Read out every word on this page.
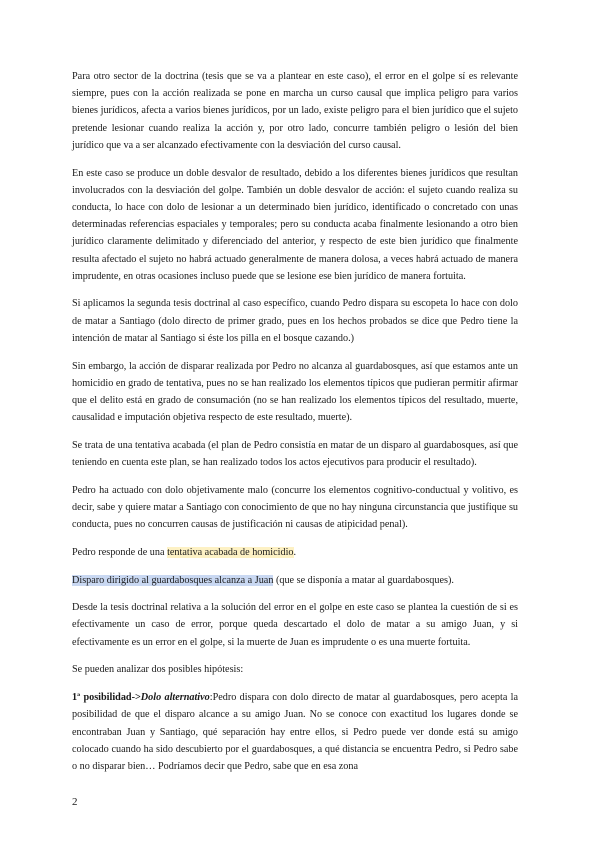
Para otro sector de la doctrina (tesis que se va a plantear en este caso), el error en el golpe sí es relevante siempre, pues con la acción realizada se pone en marcha un curso causal que implica peligro para varios bienes jurídicos, afecta a varios bienes jurídicos, por un lado, existe peligro para el bien jurídico que el sujeto pretende lesionar cuando realiza la acción y, por otro lado, concurre también peligro o lesión del bien jurídico que va a ser alcanzado efectivamente con la desviación del curso causal.

En este caso se produce un doble desvalor de resultado, debido a los diferentes bienes jurídicos que resultan involucrados con la desviación del golpe. También un doble desvalor de acción: el sujeto cuando realiza su conducta, lo hace con dolo de lesionar a un determinado bien jurídico, identificado o concretado con unas determinadas referencias espaciales y temporales; pero su conducta acaba finalmente lesionando a otro bien jurídico claramente delimitado y diferenciado del anterior, y respecto de este bien jurídico que finalmente resulta afectado el sujeto no habrá actuado generalmente de manera dolosa, a veces habrá actuado de manera imprudente, en otras ocasiones incluso puede que se lesione ese bien jurídico de manera fortuita.

Si aplicamos la segunda tesis doctrinal al caso específico, cuando Pedro dispara su escopeta lo hace con dolo de matar a Santiago (dolo directo de primer grado, pues en los hechos probados se dice que Pedro tiene la intención de matar al Santiago si éste los pilla en el bosque cazando.)

Sin embargo, la acción de disparar realizada por Pedro no alcanza al guardabosques, así que estamos ante un homicidio en grado de tentativa, pues no se han realizado los elementos típicos que pudieran permitir afirmar que el delito está en grado de consumación (no se han realizado los elementos típicos del resultado, muerte, causalidad e imputación objetiva respecto de este resultado, muerte).

Se trata de una tentativa acabada (el plan de Pedro consistía en matar de un disparo al guardabosques, así que teniendo en cuenta este plan, se han realizado todos los actos ejecutivos para producir el resultado).

Pedro ha actuado con dolo objetivamente malo (concurre los elementos cognitivo-conductual y volitivo, es decir, sabe y quiere matar a Santiago con conocimiento de que no hay ninguna circunstancia que justifique su conducta, pues no concurren causas de justificación ni causas de atipicidad penal).

Pedro responde de una tentativa acabada de homicidio.

Disparo dirigido al guardabosques alcanza a Juan (que se disponía a matar al guardabosques).

Desde la tesis doctrinal relativa a la solución del error en el golpe en este caso se plantea la cuestión de si es efectivamente un caso de error, porque queda descartado el dolo de matar a su amigo Juan, y si efectivamente es un error en el golpe, si la muerte de Juan es imprudente o es una muerte fortuita.

Se pueden analizar dos posibles hipótesis:

1ª posibilidad->Dolo alternativo:Pedro dispara con dolo directo de matar al guardabosques, pero acepta la posibilidad de que el disparo alcance a su amigo Juan. No se conoce con exactitud los lugares donde se encontraban Juan y Santiago, qué separación hay entre ellos, si Pedro puede ver donde está su amigo colocado cuando ha sido descubierto por el guardabosques, a qué distancia se encuentra Pedro, si Pedro sabe o no disparar bien… Podríamos decir que Pedro, sabe que en esa zona

2
